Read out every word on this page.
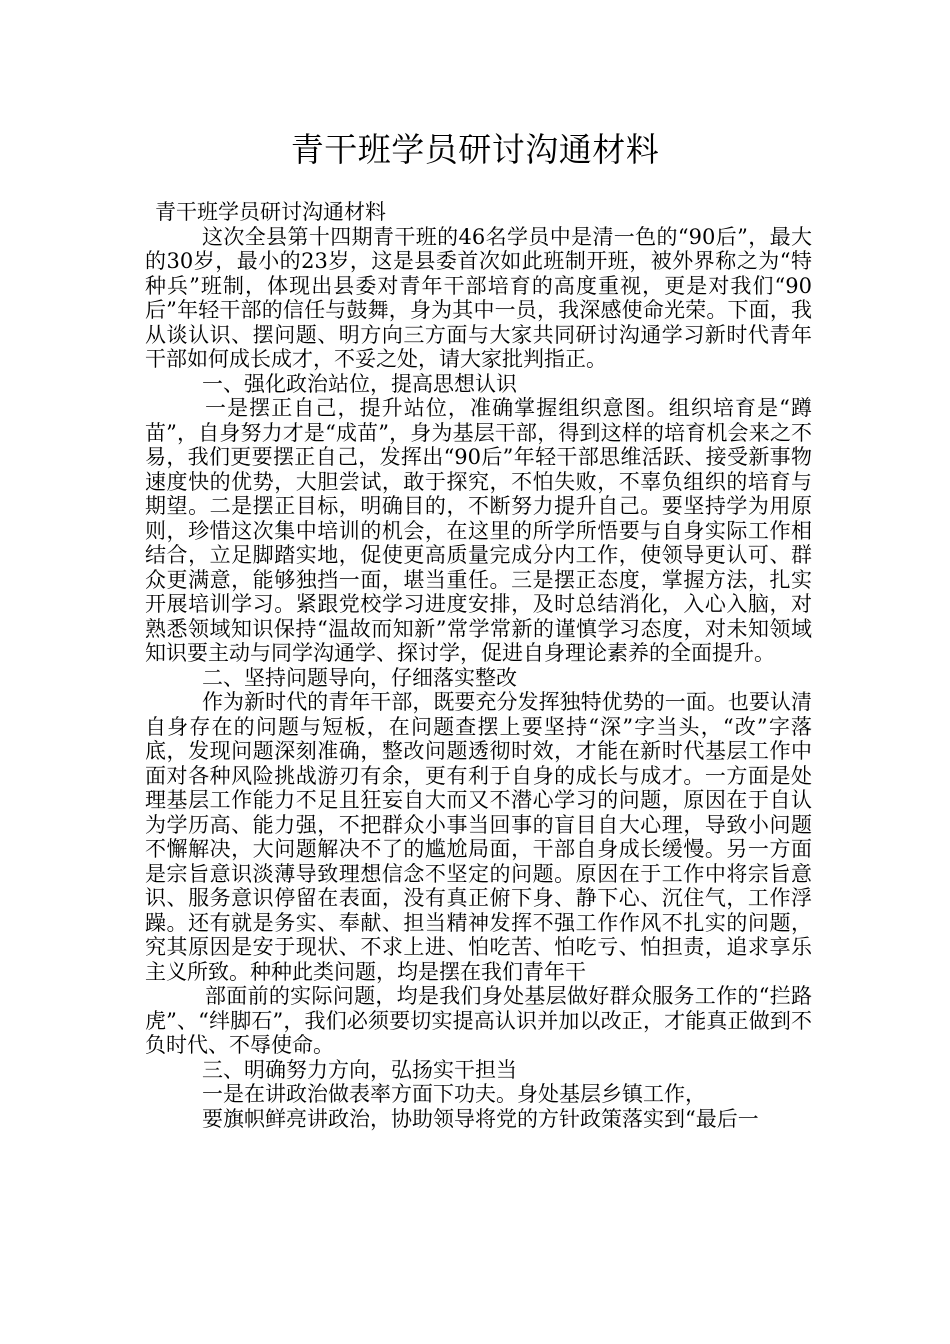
青干班学员研讨沟通材料

青干班学员研讨沟通材料

这次全县第十四期青干班的46名学员中是清一色的“90后”，最大的30岁，最小的23岁，这是县委首次如此班制开班，被外界称之为“特种兵”班制，体现出县委对青年干部培育的高度重视，更是对我们“90后”年轻干部的信任与鼓舞，身为其中一员，我深感使命光荣。下面，我从谈认识、摆问题、明方向三方面与大家共同研讨沟通学习新时代青年干部如何成长成才，不妥之处，请大家批判指正。

一、强化政治站位，提高思想认识

一是摆正自己，提升站位，准确掌握组织意图。组织培育是“蹲苗”，自身努力才是“成苗”，身为基层干部，得到这样的培育机会来之不易，我们更要摆正自己，发挥出“90后”年轻干部思维活跃、接受新事物速度快的优势，大胆尝试，敢于探究，不怕失败，不辜负组织的培育与期望。二是摆正目标，明确目的，不断努力提升自己。要坚持学为用原则，珍惜这次集中培训的机会，在这里的所学所悟要与自身实际工作相结合，立足脚踏实地，促使更高质量完成分内工作，使领导更认可、群众更满意，能够独挡一面，堪当重任。三是摆正态度，掌握方法，扎实开展培训学习。紧跟党校学习进度安排，及时总结消化，入心入脑，对熟悉领域知识保持“温故而知新”常学常新的谨慎学习态度，对未知领域知识要主动与同学沟通学、探讨学，促进自身理论素养的全面提升。

二、坚持问题导向，仔细落实整改

作为新时代的青年干部，既要充分发挥独特优势的一面。也要认清自身存在的问题与短板，在问题查摆上要坚持“深”字当头，“改”字落底，发现问题深刻准确，整改问题透彻时效，才能在新时代基层工作中面对各种风险挑战游刃有余，更有利于自身的成长与成才。一方面是处理基层工作能力不足且狂妄自大而又不潜心学习的问题，原因在于自认为学历高、能力强，不把群众小事当回事的盲目自大心理，导致小问题不懈解决，大问题解决不了的尴尬局面，干部自身成长缓慢。另一方面是宗旨意识淡薄导致理想信念不坚定的问题。原因在于工作中将宗旨意识、服务意识停留在表面，没有真正俯下身、静下心、沉住气，工作浮躁。还有就是务实、奉献、担当精神发挥不强工作作风不扎实的问题，究其原因是安于现状、不求上进、怕吃苦、怕吃亏、怕担责，追求享乐主义所致。种种此类问题，均是摆在我们青年干

部面前的实际问题，均是我们身处基层做好群众服务工作的“拦路虎”、“绊脚石”，我们必须要切实提高认识并加以改正，才能真正做到不负时代、不辱使命。

三、明确努力方向，弘扬实干担当

一是在讲政治做表率方面下功夫。身处基层乡镇工作，

要旗帜鲜亮讲政治，协助领导将党的方针政策落实到“最后一
